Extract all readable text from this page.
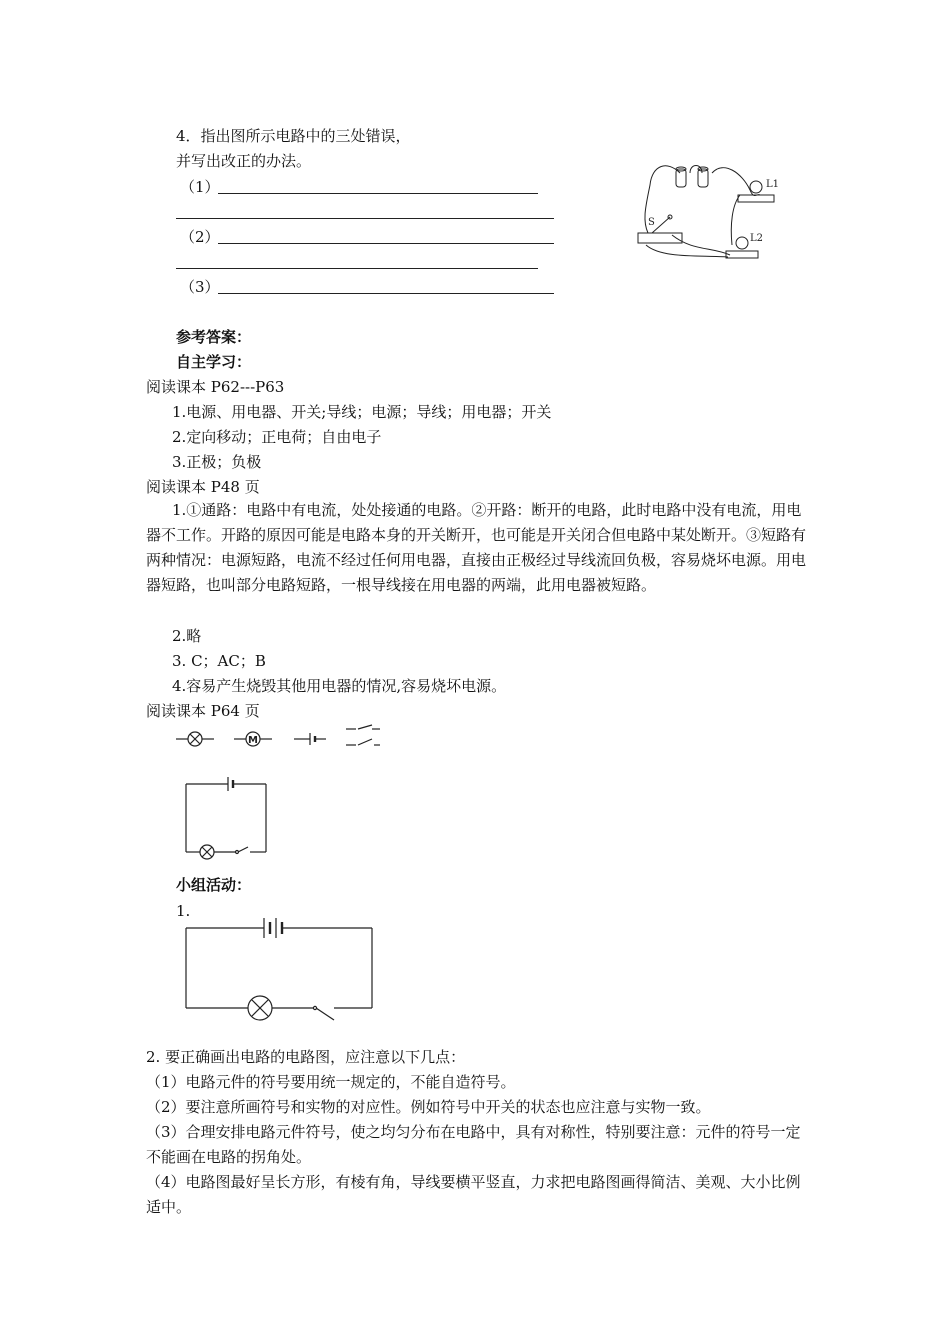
4．指出图所示电路中的三处错误，
并写出改正的办法。
（1）
（2）
（3）
L1
L2
S
参考答案：
自主学习：
阅读课本 P62---P63
1.电源、用电器、开关;导线；电源；导线；用电器；开关
2.定向移动；正电荷；自由电子
3.正极；负极
阅读课本 P48 页
1.①通路：电路中有电流，处处接通的电路。②开路：断开的电路，此时电路中没有电流，用电器不工作。开路的原因可能是电路本身的开关断开，也可能是开关闭合但电路中某处断开。③短路有两种情况：电源短路，电流不经过任何用电器，直接由正极经过导线流回负极，容易烧坏电源。用电器短路，也叫部分电路短路，一根导线接在用电器的两端，此用电器被短路。
2.略
3. C；AC；B
4.容易产生烧毁其他用电器的情况,容易烧坏电源。
阅读课本 P64 页
M
小组活动：
1.
2. 要正确画出电路的电路图，应注意以下几点：
（1）电路元件的符号要用统一规定的，不能自造符号。
（2）要注意所画符号和实物的对应性。例如符号中开关的状态也应注意与实物一致。
（3）合理安排电路元件符号，使之均匀分布在电路中，具有对称性，特别要注意：元件的符号一定不能画在电路的拐角处。
（4）电路图最好呈长方形，有棱有角，导线要横平竖直，力求把电路图画得简洁、美观、大小比例适中。
